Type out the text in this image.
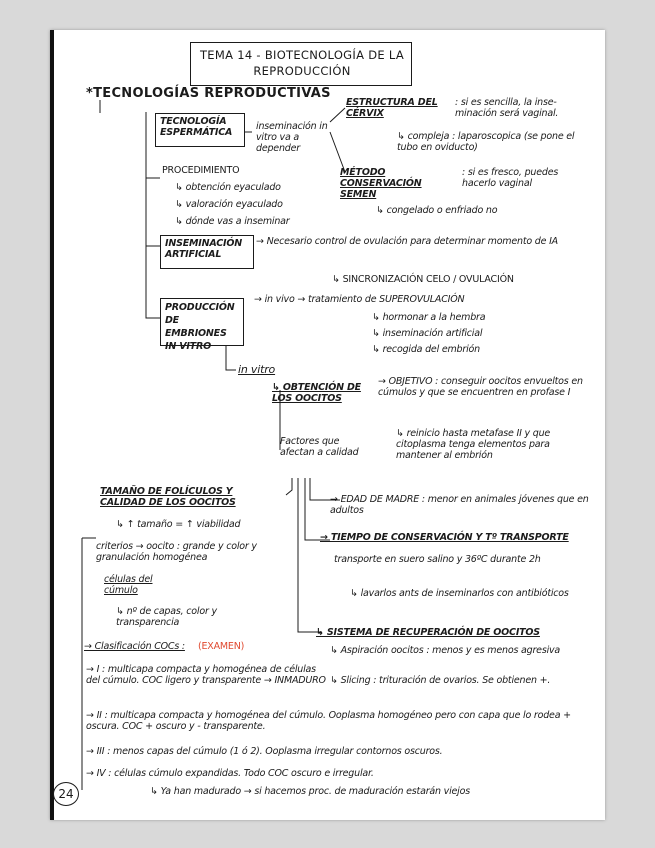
TEMA 14 - BIOTECNOLOGÍA DE LA REPRODUCCIÓN

*TECNOLOGÍAS REPRODUCTIVAS

TECNOLOGÍA ESPERMÁTICA

inseminación in vitro va a depender

ESTRUCTURA DEL CÉRVIX

: si es sencilla, la inse- minación será vaginal.

↳ compleja : laparoscopica (se pone el tubo en oviducto)

PROCEDIMIENTO

↳ obtención eyaculado

↳ valoración eyaculado

↳ dónde vas a inseminar

MÉTODO CONSERVACIÓN SEMEN

: si es fresco, puedes hacerlo vaginal

↳ congelado o enfriado no

INSEMINACIÓN ARTIFICIAL

→ Necesario control de ovulación para determinar momento de IA

↳ SINCRONIZACIÓN CELO / OVULACIÓN

PRODUCCIÓN DE EMBRIONES IN VITRO

→ in vivo → tratamiento de SUPEROVULACIÓN

↳ hormonar a la hembra

↳ inseminación artificial

↳ recogida del embrión

in vitro

↳ OBTENCIÓN DE LOS OOCITOS

→ OBJETIVO : conseguir oocitos envueltos en cúmulos y que se encuentren en profase I

↳ reinicio hasta metafase II y que citoplasma tenga elementos para mantener al embrión

Factores que afectan a calidad

TAMAÑO DE FOLÍCULOS Y CALIDAD DE LOS OOCITOS

↳ ↑ tamaño = ↑ viabilidad

criterios → oocito : grande y color y granulación homogénea

células del cúmulo

↳ nº de capas, color y transparencia

→ EDAD DE MADRE : menor en animales jóvenes que en adultos

→ TIEMPO DE CONSERVACIÓN Y Tº TRANSPORTE

transporte en suero salino y 36ºC durante 2h

↳ lavarlos ants de inseminarlos con antibióticos

↳ SISTEMA DE RECUPERACIÓN DE OOCITOS

↳ Aspiración oocitos : menos y es menos agresiva

↳ Slicing : trituración de ovarios. Se obtienen +.

→ Clasificación COCs : (EXAMEN)

→ I : multicapa compacta y homogénea de células del cúmulo. COC ligero y transparente → INMADURO

→ II : multicapa compacta y homogénea del cúmulo. Ooplasma homogéneo pero con capa que lo rodea + oscura. COC + oscuro y - transparente.

→ III : menos capas del cúmulo (1 ó 2). Ooplasma irregular contornos oscuros.

→ IV : células cúmulo expandidas. Todo COC oscuro e irregular.

↳ Ya han madurado → si hacemos proc. de maduración estarán viejos

24
